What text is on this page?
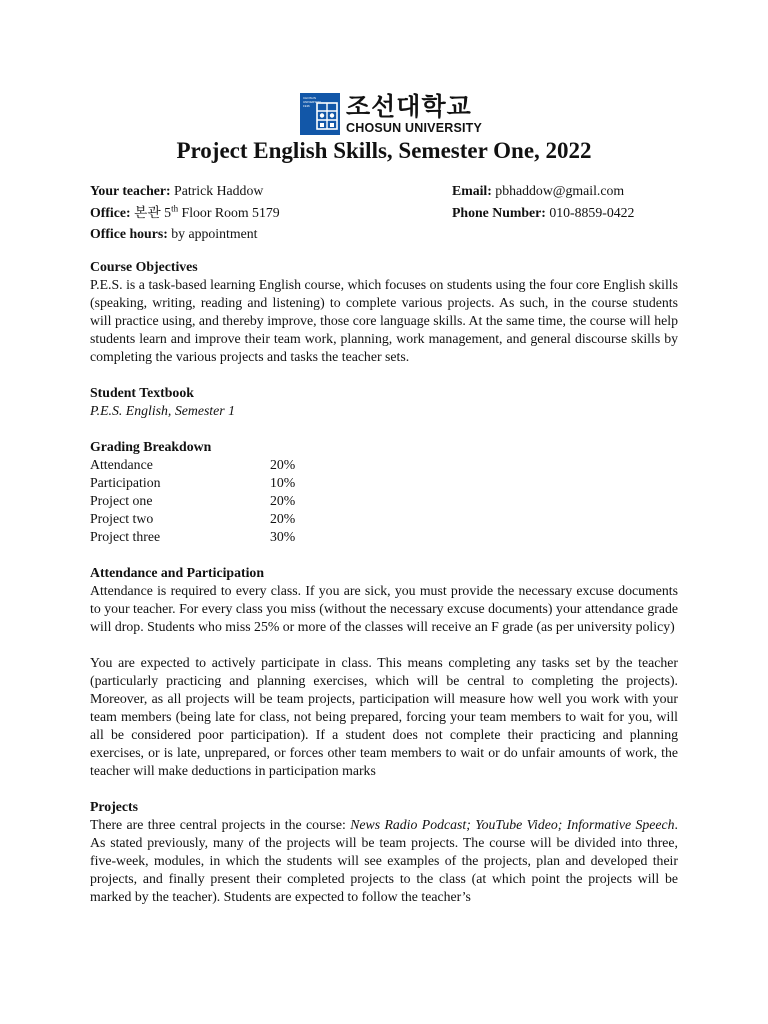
CHOSUN UNIVERSITY 1946 조선대학교
CHOSUN UNIVERSITY
Project English Skills, Semester One, 2022
Your teacher: Patrick Haddow
Office: 본관 5th Floor Room 5179
Office hours: by appointment
Email: pbhaddow@gmail.com
Phone Number: 010-8859-0422

Course Objectives

P.E.S. is a task-based learning English course, which focuses on students using the four core English skills (speaking, writing, reading and listening) to complete various projects. As such, in the course students will practice using, and thereby improve, those core language skills. At the same time, the course will help students learn and improve their team work, planning, work management, and general discourse skills by completing the various projects and tasks the teacher sets.

Student Textbook

P.E.S. English, Semester 1

Grading Breakdown

Attendance	20%
Participation	10%
Project one	20%
Project two	20%
Project three	30%

Attendance and Participation

Attendance is required to every class. If you are sick, you must provide the necessary excuse documents to your teacher. For every class you miss (without the necessary excuse documents) your attendance grade will drop. Students who miss 25% or more of the classes will receive an F grade (as per university policy)

You are expected to actively participate in class. This means completing any tasks set by the teacher (particularly practicing and planning exercises, which will be central to completing the projects). Moreover, as all projects will be team projects, participation will measure how well you work with your team members (being late for class, not being prepared, forcing your team members to wait for you, will all be considered poor participation). If a student does not complete their practicing and planning exercises, or is late, unprepared, or forces other team members to wait or do unfair amounts of work, the teacher will make deductions in participation marks

Projects

There are three central projects in the course: News Radio Podcast; YouTube Video; Informative Speech. As stated previously, many of the projects will be team projects. The course will be divided into three, five-week, modules, in which the students will see examples of the projects, plan and developed their projects, and finally present their completed projects to the class (at which point the projects will be marked by the teacher). Students are expected to follow the teacher’s
